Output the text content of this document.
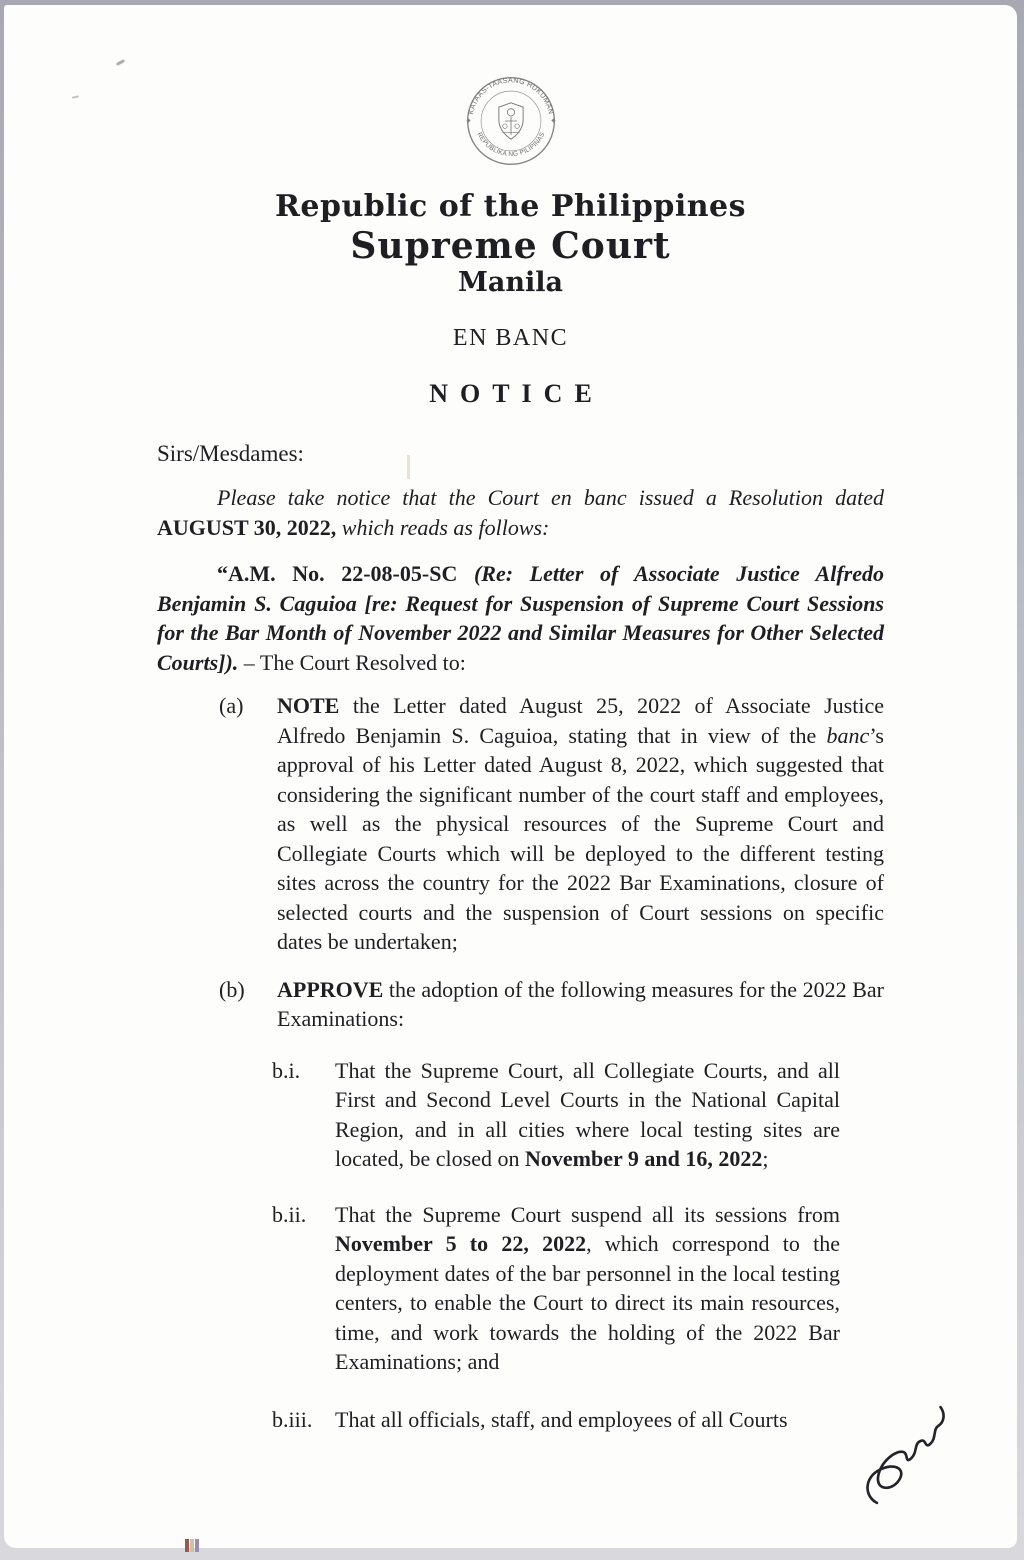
KATAAS-TAASANG HUKUMAN
REPUBLIKA NG PILIPINAS
Republic of the Philippines
Supreme Court
Manila
EN BANC
NOTICE
Sirs/Mesdames:
Please take notice that the Court en banc issued a Resolution dated AUGUST 30, 2022, which reads as follows:
“A.M. No. 22-08-05-SC (Re: Letter of Associate Justice Alfredo Benjamin S. Caguioa [re: Request for Suspension of Supreme Court Sessions for the Bar Month of November 2022 and Similar Measures for Other Selected Courts]). – The Court Resolved to:
(a)	NOTE the Letter dated August 25, 2022 of Associate Justice Alfredo Benjamin S. Caguioa, stating that in view of the banc’s approval of his Letter dated August 8, 2022, which suggested that considering the significant number of the court staff and employees, as well as the physical resources of the Supreme Court and Collegiate Courts which will be deployed to the different testing sites across the country for the 2022 Bar Examinations, closure of selected courts and the suspension of Court sessions on specific dates be undertaken;
(b)	APPROVE the adoption of the following measures for the 2022 Bar Examinations:
b.i.	That the Supreme Court, all Collegiate Courts, and all First and Second Level Courts in the National Capital Region, and in all cities where local testing sites are located, be closed on November 9 and 16, 2022;
b.ii.	That the Supreme Court suspend all its sessions from November 5 to 22, 2022, which correspond to the deployment dates of the bar personnel in the local testing centers, to enable the Court to direct its main resources, time, and work towards the holding of the 2022 Bar Examinations; and
b.iii.	That all officials, staff, and employees of all Courts
